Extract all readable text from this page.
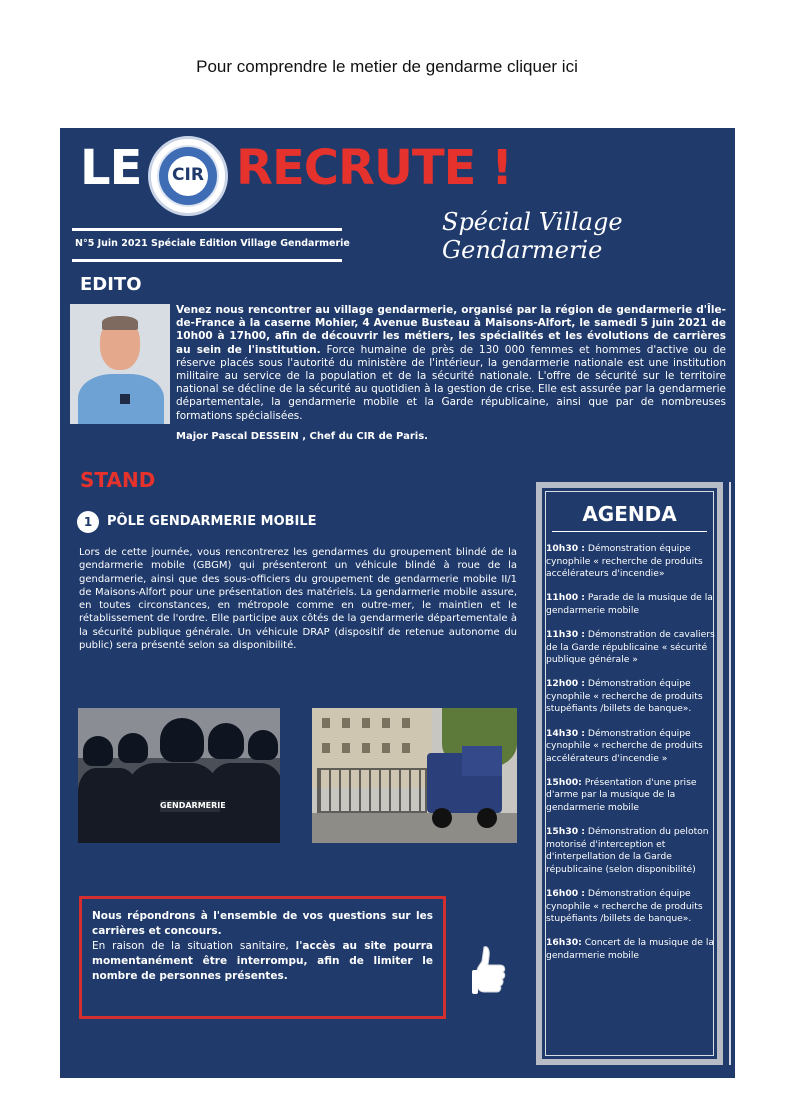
Pour comprendre le metier de gendarme cliquer ici
LE CIR RECRUTE !
Spécial Village Gendarmerie
N°5 Juin 2021 Spéciale Edition Village Gendarmerie
EDITO
Venez nous rencontrer au village gendarmerie, organisé par la région de gendarmerie d'Île-de-France à la caserne Mohier, 4 Avenue Busteau à Maisons-Alfort, le samedi 5 juin 2021 de 10h00 à 17h00, afin de découvrir les métiers, les spécialités et les évolutions de carrières au sein de l'institution. Force humaine de près de 130 000 femmes et hommes d'active ou de réserve placés sous l'autorité du ministère de l'intérieur, la gendarmerie nationale est une institution militaire au service de la population et de la sécurité nationale. L'offre de sécurité sur le territoire national se décline de la sécurité au quotidien à la gestion de crise. Elle est assurée par la gendarmerie départementale, la gendarmerie mobile et la Garde républicaine, ainsi que par de nombreuses formations spécialisées.
Major Pascal DESSEIN , Chef du CIR de Paris.
STAND
1	PÔLE GENDARMERIE MOBILE
Lors de cette journée, vous rencontrerez les gendarmes du groupement blindé de la gendarmerie mobile (GBGM) qui présenteront un véhicule blindé à roue de la gendarmerie, ainsi que des sous-officiers du groupement de gendarmerie mobile II/1 de Maisons-Alfort pour une présentation des matériels. La gendarmerie mobile assure, en toutes circonstances, en métropole comme en outre-mer, le maintien et le rétablissement de l'ordre. Elle participe aux côtés de la gendarmerie départementale à la sécurité publique générale. Un véhicule DRAP (dispositif de retenue autonome du public) sera présenté selon sa disponibilité.
GENDARMERIE
Nous répondrons à l'ensemble de vos questions sur les carrières et concours.
En raison de la situation sanitaire, l'accès au site pourra momentanément être interrompu, afin de limiter le nombre de personnes présentes.
AGENDA
10h30 : Démonstration équipe cynophile « recherche de produits accélérateurs d'incendie»
11h00 : Parade de la musique de la gendarmerie mobile
11h30 : Démonstration de cavaliers de la Garde républicaine « sécurité publique générale »
12h00 : Démonstration équipe cynophile « recherche de produits stupéfiants /billets de banque».
14h30 : Démonstration équipe cynophile « recherche de produits accélérateurs d'incendie »
15h00: Présentation d'une prise d'arme par la musique de la gendarmerie mobile
15h30 : Démonstration du peloton motorisé d'interception et d'interpellation de la Garde républicaine (selon disponibilité)
16h00 : Démonstration équipe cynophile « recherche de produits stupéfiants /billets de banque».
16h30: Concert de la musique de la gendarmerie mobile
